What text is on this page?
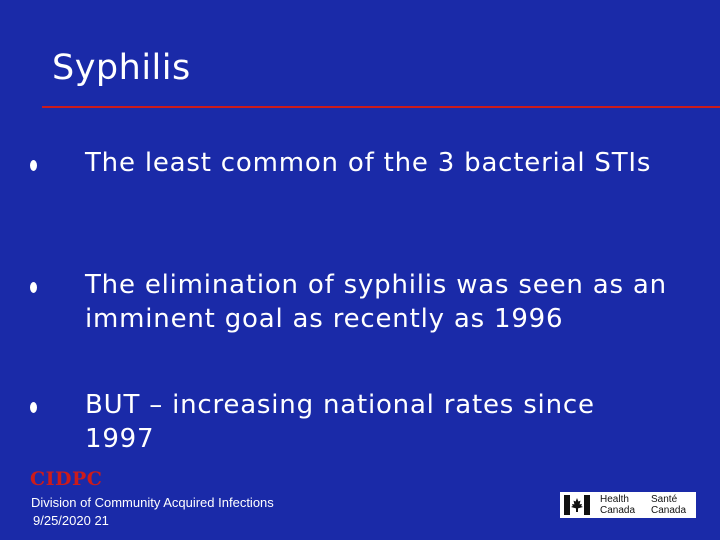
Syphilis
The least common of the 3 bacterial STIs
The elimination of syphilis was seen as an imminent goal as recently as 1996
BUT – increasing national rates since 1997
CIDPC
Division of Community Acquired Infections
9/25/2020 21
Health
Canada
Santé
Canada
